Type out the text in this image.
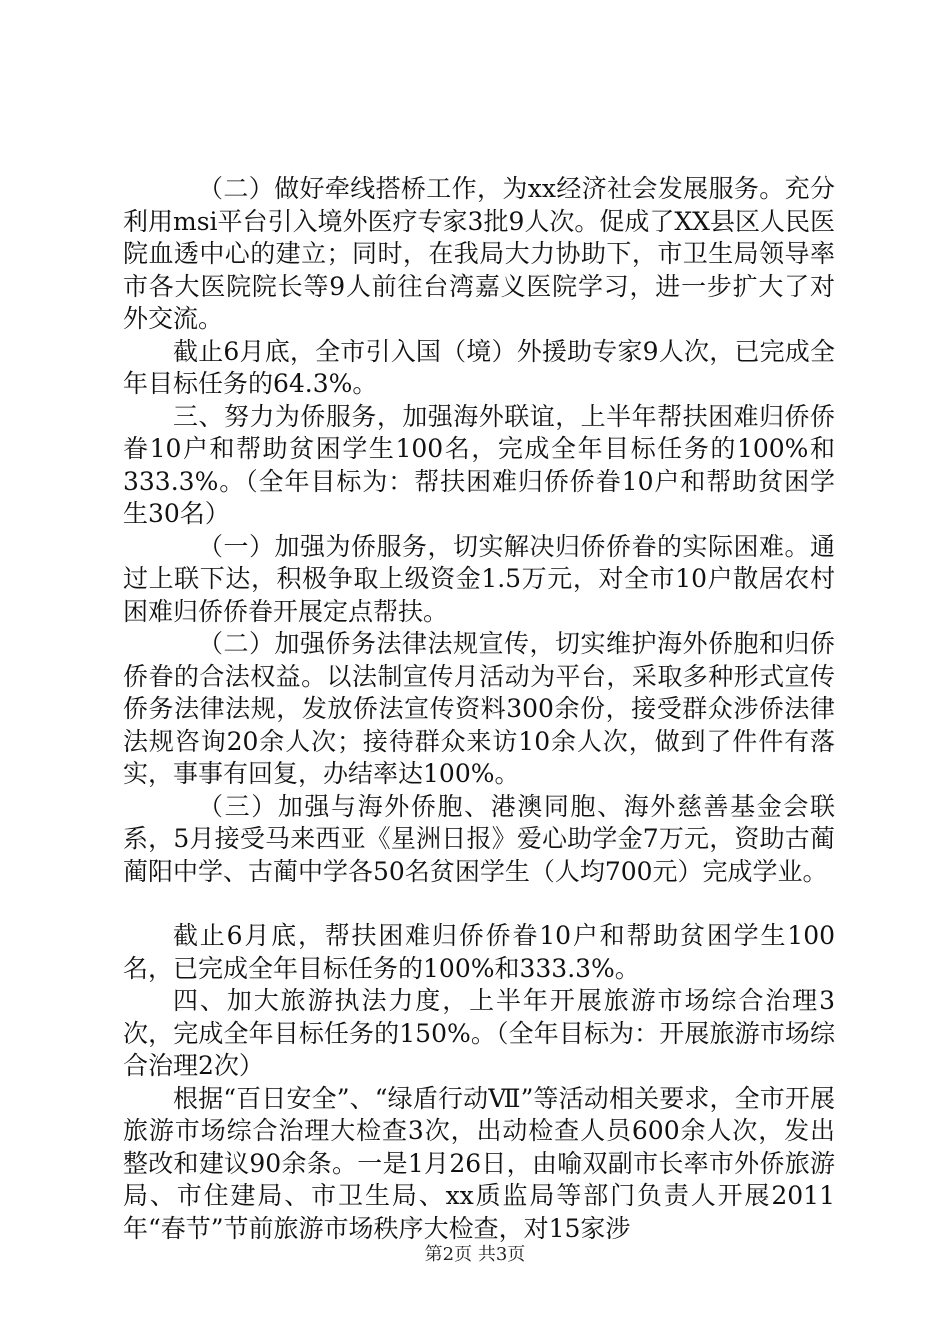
（二）做好牵线搭桥工作，为xx经济社会发展服务。充分利用msi平台引入境外医疗专家3批9人次。促成了XX县区人民医院血透中心的建立；同时，在我局大力协助下，市卫生局领导率市各大医院院长等9人前往台湾嘉义医院学习，进一步扩大了对外交流。

截止6月底，全市引入国（境）外援助专家9人次，已完成全年目标任务的64.3%。

三、努力为侨服务，加强海外联谊，上半年帮扶困难归侨侨眷10户和帮助贫困学生100名，完成全年目标任务的100%和333.3%。（全年目标为：帮扶困难归侨侨眷10户和帮助贫困学生30名）

（一）加强为侨服务，切实解决归侨侨眷的实际困难。通过上联下达，积极争取上级资金1.5万元，对全市10户散居农村困难归侨侨眷开展定点帮扶。

（二）加强侨务法律法规宣传，切实维护海外侨胞和归侨侨眷的合法权益。以法制宣传月活动为平台，采取多种形式宣传侨务法律法规，发放侨法宣传资料300余份，接受群众涉侨法律法规咨询20余人次；接待群众来访10余人次，做到了件件有落实，事事有回复，办结率达100%。

（三）加强与海外侨胞、港澳同胞、海外慈善基金会联系，5月接受马来西亚《星洲日报》爱心助学金7万元，资助古蔺蔺阳中学、古蔺中学各50名贫困学生（人均700元）完成学业。

截止6月底，帮扶困难归侨侨眷10户和帮助贫困学生100名，已完成全年目标任务的100%和333.3%。

四、加大旅游执法力度，上半年开展旅游市场综合治理3次，完成全年目标任务的150%。（全年目标为：开展旅游市场综合治理2次）

根据“百日安全”、“绿盾行动Ⅶ”等活动相关要求，全市开展旅游市场综合治理大检查3次，出动检查人员600余人次，发出整改和建议90余条。一是1月26日，由喻双副市长率市外侨旅游局、市住建局、市卫生局、xx质监局等部门负责人开展2011年“春节”节前旅游市场秩序大检查，对15家涉

第2页 共3页
